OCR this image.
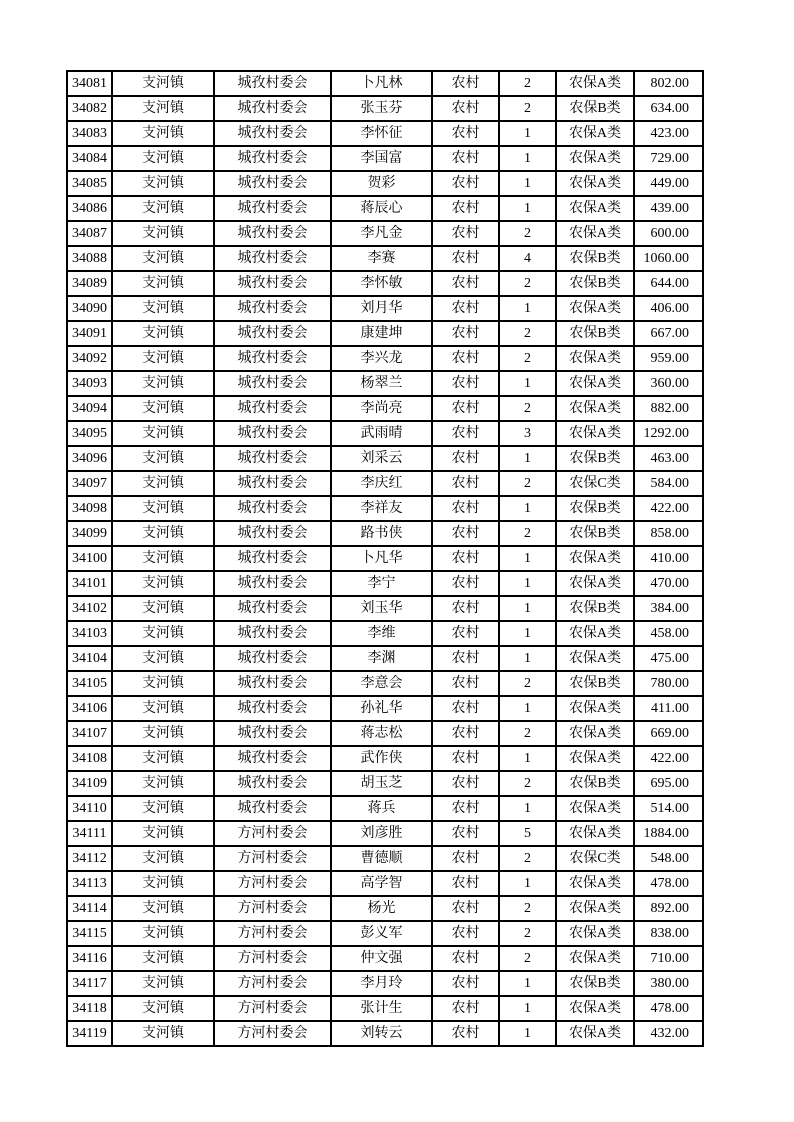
34081	支河镇	城孜村委会	卜凡林	农村	2	农保A类	802.00
34082	支河镇	城孜村委会	张玉芬	农村	2	农保B类	634.00
34083	支河镇	城孜村委会	李怀征	农村	1	农保A类	423.00
34084	支河镇	城孜村委会	李国富	农村	1	农保A类	729.00
34085	支河镇	城孜村委会	贺彩	农村	1	农保A类	449.00
34086	支河镇	城孜村委会	蒋辰心	农村	1	农保A类	439.00
34087	支河镇	城孜村委会	李凡金	农村	2	农保A类	600.00
34088	支河镇	城孜村委会	李赛	农村	4	农保B类	1060.00
34089	支河镇	城孜村委会	李怀敏	农村	2	农保B类	644.00
34090	支河镇	城孜村委会	刘月华	农村	1	农保A类	406.00
34091	支河镇	城孜村委会	康建坤	农村	2	农保B类	667.00
34092	支河镇	城孜村委会	李兴龙	农村	2	农保A类	959.00
34093	支河镇	城孜村委会	杨翠兰	农村	1	农保A类	360.00
34094	支河镇	城孜村委会	李尚亮	农村	2	农保A类	882.00
34095	支河镇	城孜村委会	武雨晴	农村	3	农保A类	1292.00
34096	支河镇	城孜村委会	刘采云	农村	1	农保B类	463.00
34097	支河镇	城孜村委会	李庆红	农村	2	农保C类	584.00
34098	支河镇	城孜村委会	李祥友	农村	1	农保B类	422.00
34099	支河镇	城孜村委会	路书侠	农村	2	农保B类	858.00
34100	支河镇	城孜村委会	卜凡华	农村	1	农保A类	410.00
34101	支河镇	城孜村委会	李宁	农村	1	农保A类	470.00
34102	支河镇	城孜村委会	刘玉华	农村	1	农保B类	384.00
34103	支河镇	城孜村委会	李维	农村	1	农保A类	458.00
34104	支河镇	城孜村委会	李渊	农村	1	农保A类	475.00
34105	支河镇	城孜村委会	李意会	农村	2	农保B类	780.00
34106	支河镇	城孜村委会	孙礼华	农村	1	农保A类	411.00
34107	支河镇	城孜村委会	蒋志松	农村	2	农保A类	669.00
34108	支河镇	城孜村委会	武作侠	农村	1	农保A类	422.00
34109	支河镇	城孜村委会	胡玉芝	农村	2	农保B类	695.00
34110	支河镇	城孜村委会	蒋兵	农村	1	农保A类	514.00
34111	支河镇	方河村委会	刘彦胜	农村	5	农保A类	1884.00
34112	支河镇	方河村委会	曹德顺	农村	2	农保C类	548.00
34113	支河镇	方河村委会	高学智	农村	1	农保A类	478.00
34114	支河镇	方河村委会	杨光	农村	2	农保A类	892.00
34115	支河镇	方河村委会	彭义军	农村	2	农保A类	838.00
34116	支河镇	方河村委会	仲文强	农村	2	农保A类	710.00
34117	支河镇	方河村委会	李月玲	农村	1	农保B类	380.00
34118	支河镇	方河村委会	张计生	农村	1	农保A类	478.00
34119	支河镇	方河村委会	刘转云	农村	1	农保A类	432.00
